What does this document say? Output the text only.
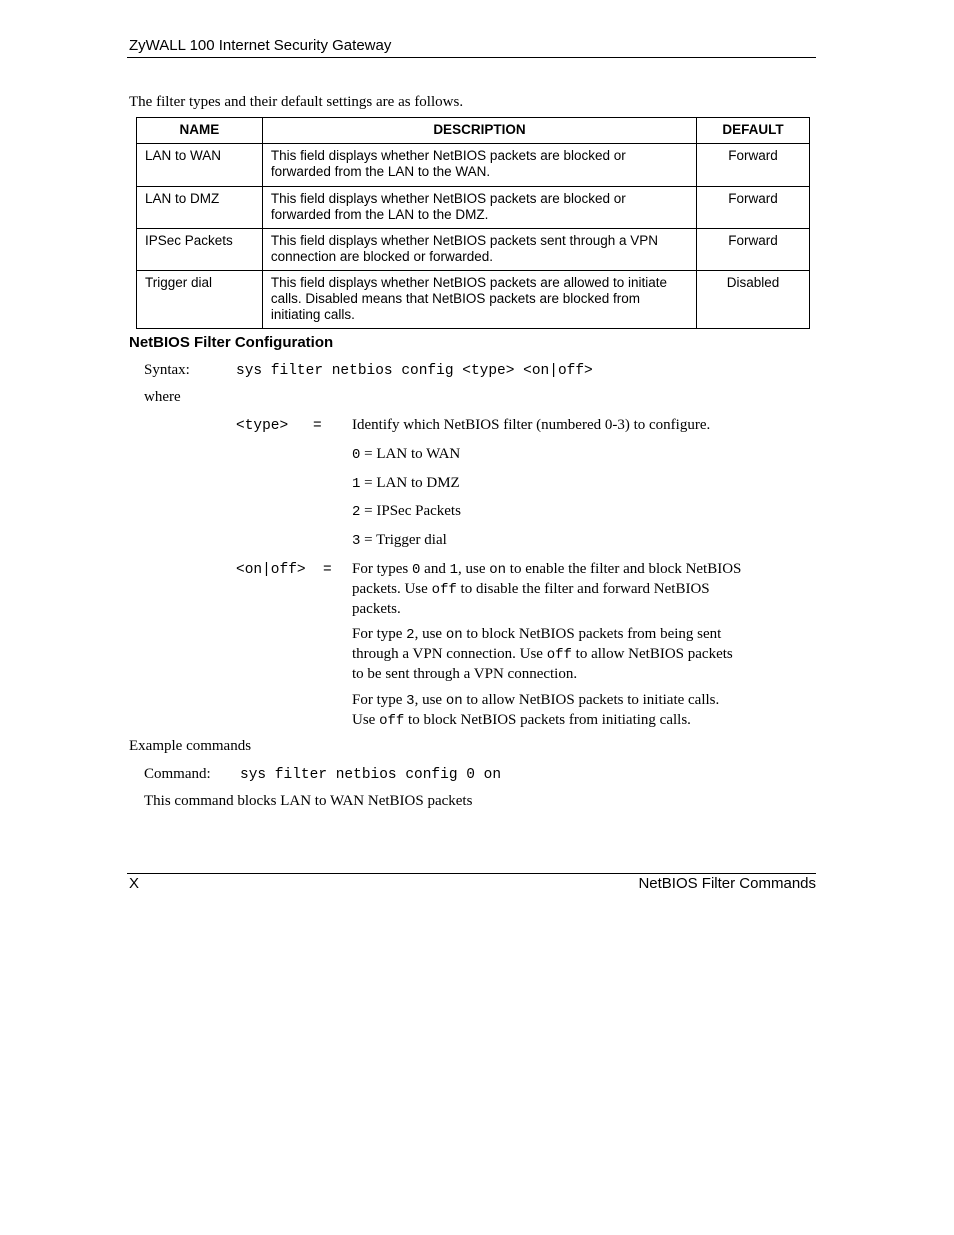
ZyWALL 100 Internet Security Gateway
The filter types and their default settings are as follows.
NAME	DESCRIPTION	DEFAULT
LAN to WAN	This field displays whether NetBIOS packets are blocked or forwarded from the LAN to the WAN.	Forward
LAN to DMZ	This field displays whether NetBIOS packets are blocked or forwarded from the LAN to the DMZ.	Forward
IPSec Packets	This field displays whether NetBIOS packets sent through a VPN connection are blocked or forwarded.	Forward
Trigger dial	This field displays whether NetBIOS packets are allowed to initiate calls. Disabled means that NetBIOS packets are blocked from initiating calls.	Disabled
NetBIOS Filter Configuration
Syntax:	sys filter netbios config <type> <on|off>
where
<type> = Identify which NetBIOS filter (numbered 0-3) to configure.
0 = LAN to WAN
1 = LAN to DMZ
2 = IPSec Packets
3 = Trigger dial
<on|off> = For types 0 and 1, use on to enable the filter and block NetBIOS packets. Use off to disable the filter and forward NetBIOS packets.
For type 2, use on to block NetBIOS packets from being sent through a VPN connection. Use off to allow NetBIOS packets to be sent through a VPN connection.
For type 3, use on to allow NetBIOS packets to initiate calls. Use off to block NetBIOS packets from initiating calls.
Example commands
Command: sys filter netbios config 0 on
This command blocks LAN to WAN NetBIOS packets
X	NetBIOS Filter Commands
